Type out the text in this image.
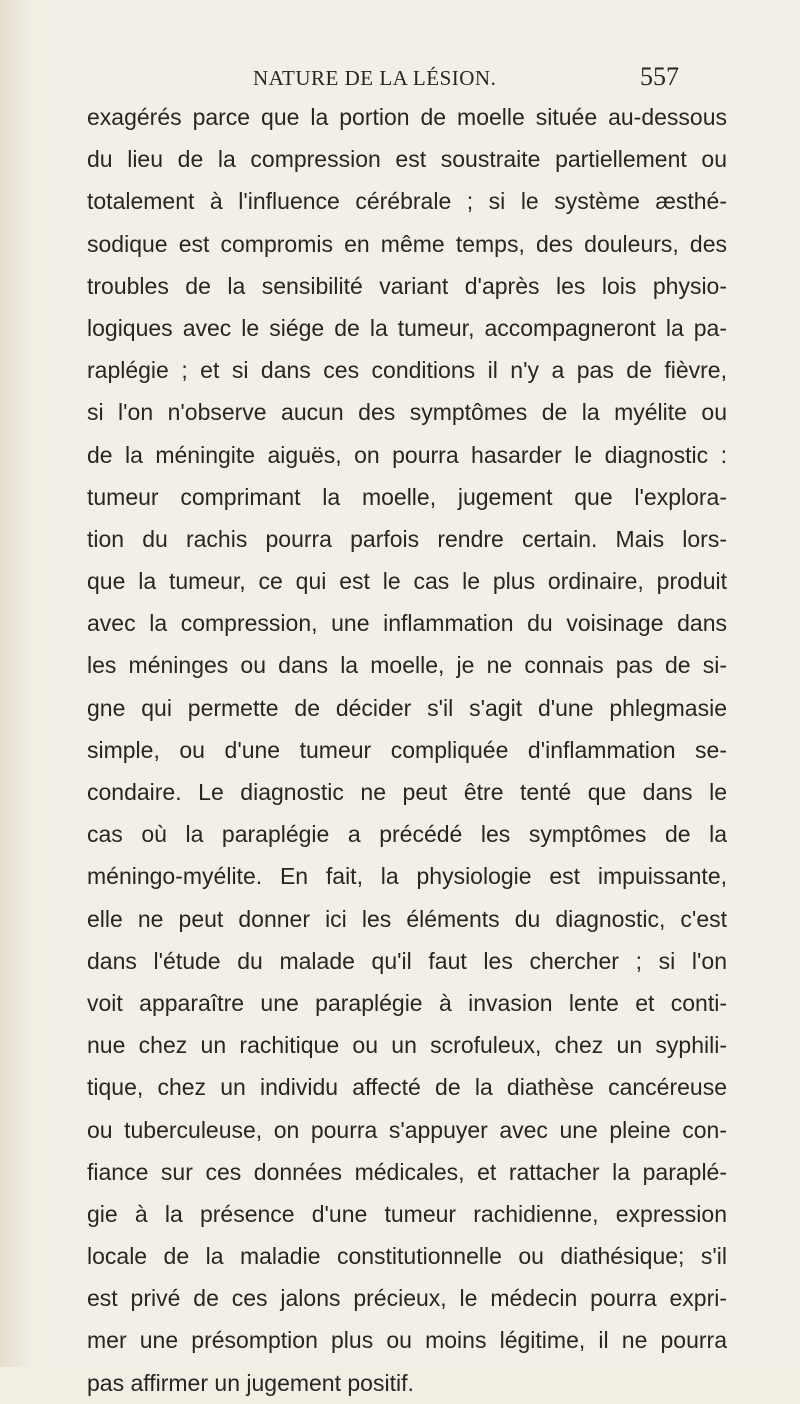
NATURE DE LA LÉSION.	557
exagérés parce que la portion de moelle située au-dessous
du lieu de la compression est soustraite partiellement ou
totalement à l'influence cérébrale ; si le système æsthé-
sodique est compromis en même temps, des douleurs, des
troubles de la sensibilité variant d'après les lois physio-
logiques avec le siége de la tumeur, accompagneront la pa-
raplégie ; et si dans ces conditions il n'y a pas de fièvre,
si l'on n'observe aucun des symptômes de la myélite ou
de la méningite aiguës, on pourra hasarder le diagnostic :
tumeur comprimant la moelle, jugement que l'explora-
tion du rachis pourra parfois rendre certain. Mais lors-
que la tumeur, ce qui est le cas le plus ordinaire, produit
avec la compression, une inflammation du voisinage dans
les méninges ou dans la moelle, je ne connais pas de si-
gne qui permette de décider s'il s'agit d'une phlegmasie
simple, ou d'une tumeur compliquée d'inflammation se-
condaire. Le diagnostic ne peut être tenté que dans le
cas où la paraplégie a précédé les symptômes de la
méningo-myélite. En fait, la physiologie est impuissante,
elle ne peut donner ici les éléments du diagnostic, c'est
dans l'étude du malade qu'il faut les chercher ; si l'on
voit apparaître une paraplégie à invasion lente et conti-
nue chez un rachitique ou un scrofuleux, chez un syphili-
tique, chez un individu affecté de la diathèse cancéreuse
ou tuberculeuse, on pourra s'appuyer avec une pleine con-
fiance sur ces données médicales, et rattacher la paraplé-
gie à la présence d'une tumeur rachidienne, expression
locale de la maladie constitutionnelle ou diathésique; s'il
est privé de ces jalons précieux, le médecin pourra expri-
mer une présomption plus ou moins légitime, il ne pourra
pas affirmer un jugement positif.
